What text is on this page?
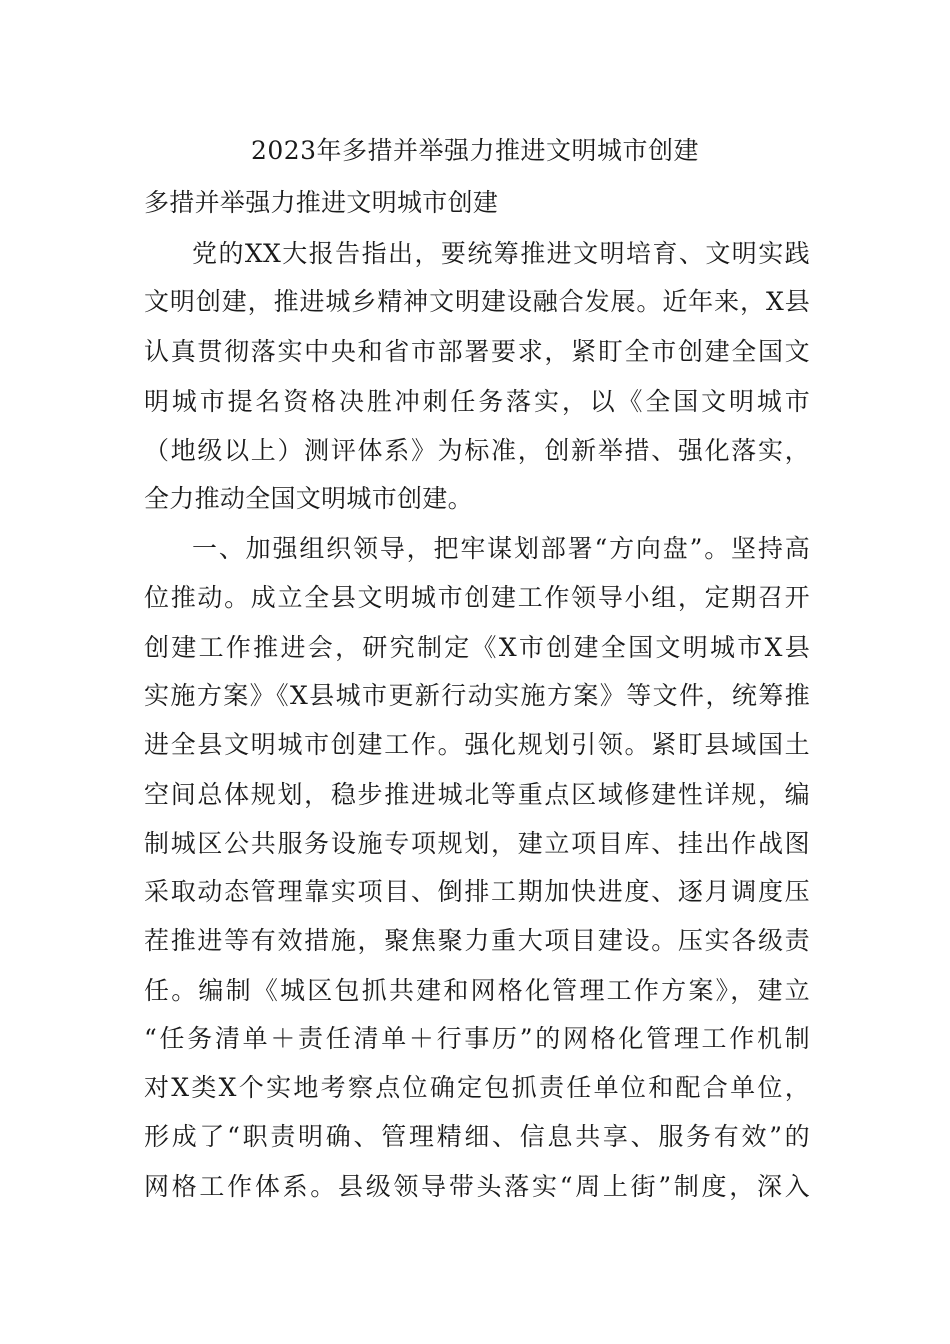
2023年多措并举强力推进文明城市创建
多措并举强力推进文明城市创建
党的XX大报告指出，要统筹推进文明培育、文明实践
文明创建，推进城乡精神文明建设融合发展。近年来，X县
认真贯彻落实中央和省市部署要求，紧盯全市创建全国文
明城市提名资格决胜冲刺任务落实，以《全国文明城市
（地级以上）测评体系》为标准，创新举措、强化落实，
全力推动全国文明城市创建。
一、加强组织领导，把牢谋划部署“方向盘”。坚持高
位推动。成立全县文明城市创建工作领导小组，定期召开
创建工作推进会，研究制定《X市创建全国文明城市X县
实施方案》《X县城市更新行动实施方案》等文件，统筹推
进全县文明城市创建工作。强化规划引领。紧盯县域国土
空间总体规划，稳步推进城北等重点区域修建性详规，编
制城区公共服务设施专项规划，建立项目库、挂出作战图
采取动态管理靠实项目、倒排工期加快进度、逐月调度压
茬推进等有效措施，聚焦聚力重大项目建设。压实各级责
任。编制《城区包抓共建和网格化管理工作方案》，建立
“任务清单＋责任清单＋行事历”的网格化管理工作机制
对X类X个实地考察点位确定包抓责任单位和配合单位，
形成了“职责明确、管理精细、信息共享、服务有效”的
网格工作体系。县级领导带头落实“周上街”制度，深入
